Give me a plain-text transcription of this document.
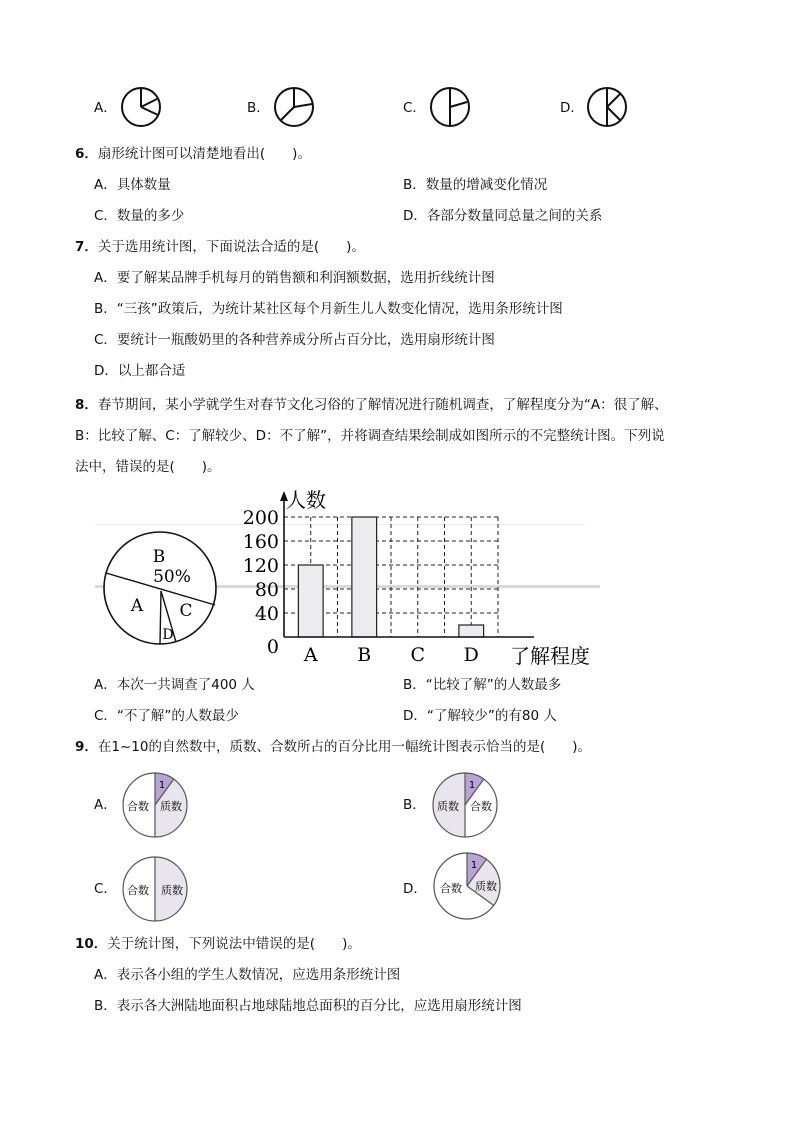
A．	B．	C．	D．
6．扇形统计图可以清楚地看出(　　)。
A．具体数量	B．数量的增减变化情况
C．数量的多少	D．各部分数量同总量之间的关系
7．关于选用统计图，下面说法合适的是(　　)。
A．要了解某品牌手机每月的销售额和利润额数据，选用折线统计图
B．“三孩”政策后，为统计某社区每个月新生儿人数变化情况，选用条形统计图
C．要统计一瓶酸奶里的各种营养成分所占百分比，选用扇形统计图
D．以上都合适
8．春节期间，某小学就学生对春节文化习俗的了解情况进行随机调查，了解程度分为“A：很了解、
B：比较了解、C：了解较少、D：不了解”，并将调查结果绘制成如图所示的不完整统计图。下列说
法中，错误的是(　　)。
B
50%
A C
D
0
40
80
120
160
200
A B C D
人数
了解程度
A．本次一共调查了400 人	B．“比较了解”的人数最多
C．“不了解”的人数最少	D．“了解较少”的有80 人
9．在1~10的自然数中，质数、合数所占的百分比用一幅统计图表示恰当的是(　　)。
A．
1
合数 质数	B．
1
质数 合数
C． 合数 质数	D．
1
合数 质数
10．关于统计图，下列说法中错误的是(　　)。
A．表示各小组的学生人数情况，应选用条形统计图
B．表示各大洲陆地面积占地球陆地总面积的百分比，应选用扇形统计图
